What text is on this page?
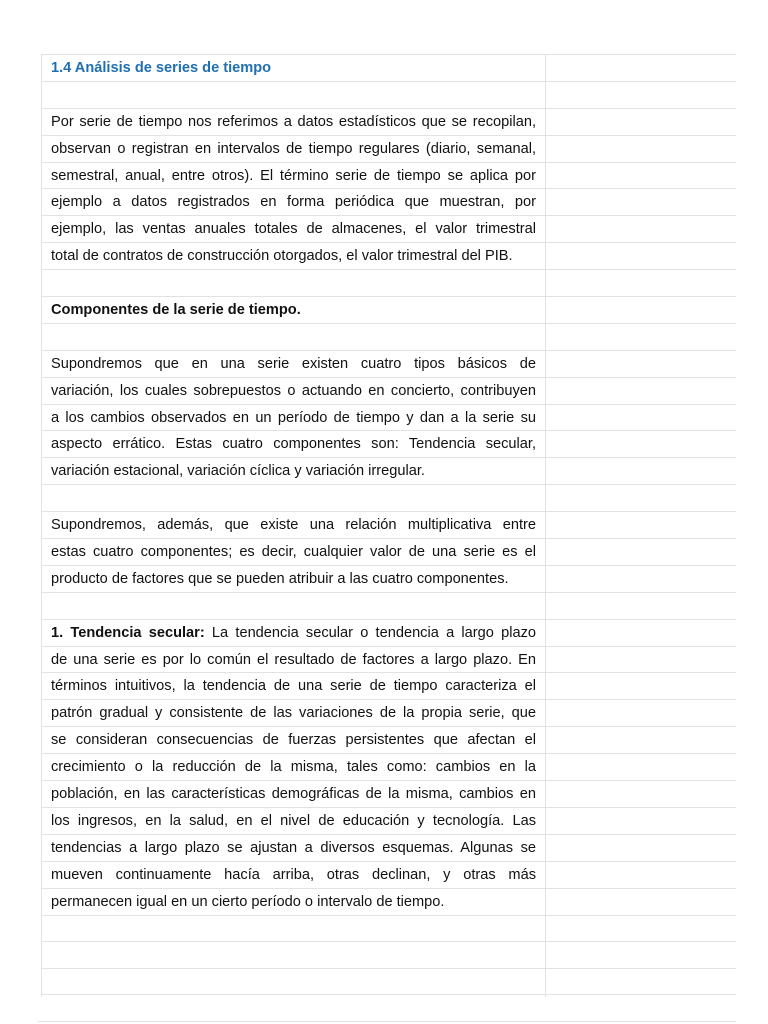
1.4 Análisis de series de tiempo
Por serie de tiempo nos referimos a datos estadísticos que se recopilan,
observan o registran en intervalos de tiempo regulares (diario, semanal,
semestral, anual, entre otros). El término serie de tiempo se aplica por
ejemplo a datos registrados en forma periódica que muestran, por
ejemplo, las ventas anuales totales de almacenes, el valor trimestral
total de contratos de construcción otorgados, el valor trimestral del PIB.
Componentes de la serie de tiempo.
Supondremos que en una serie existen cuatro tipos básicos de
variación, los cuales sobrepuestos o actuando en concierto, contribuyen
a los cambios observados en un período de tiempo y dan a la serie su
aspecto errático. Estas cuatro componentes son: Tendencia secular,
variación estacional, variación cíclica y variación irregular.
Supondremos, además, que existe una relación multiplicativa entre
estas cuatro componentes; es decir, cualquier valor de una serie es el
producto de factores que se pueden atribuir a las cuatro componentes.
1. Tendencia secular: La tendencia secular o tendencia a largo plazo
de una serie es por lo común el resultado de factores a largo plazo. En
términos intuitivos, la tendencia de una serie de tiempo caracteriza el
patrón gradual y consistente de las variaciones de la propia serie, que
se consideran consecuencias de fuerzas persistentes que afectan el
crecimiento o la reducción de la misma, tales como: cambios en la
población, en las características demográficas de la misma, cambios en
los ingresos, en la salud, en el nivel de educación y tecnología. Las
tendencias a largo plazo se ajustan a diversos esquemas. Algunas se
mueven continuamente hacía arriba, otras declinan, y otras más
permanecen igual en un cierto período o intervalo de tiempo.
